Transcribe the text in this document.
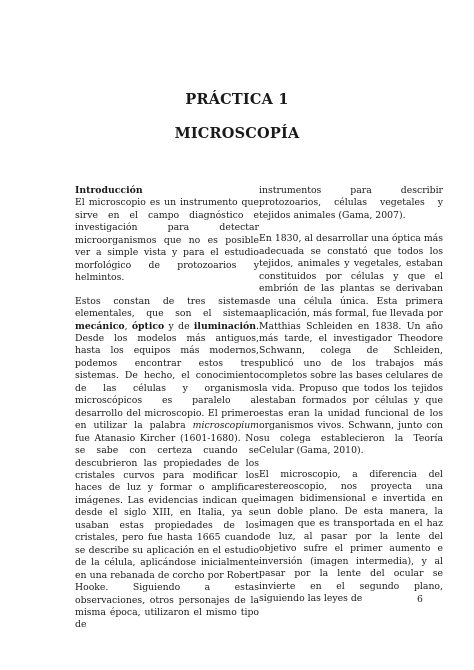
PRÁCTICA 1
MICROSCOPÍA

Introducción
El microscopio es un instrumento que sirve en el campo diagnóstico e investigación para detectar microorganismos que no es posible ver a simple vista y para el estudio morfológico de protozoarios y helmintos.

Estos constan de tres sistemas elementales, que son el sistema mecánico, óptico y de iluminación. Desde los modelos más antiguos, hasta los equipos más modernos, podemos encontrar estos tres sistemas. De hecho, el conocimiento de las células y organismos microscópicos es paralelo al desarrollo del microscopio. El primero en utilizar la palabra microscopium fue Atanasio Kircher (1601-1680). No se sabe con certeza cuando se descubrieron las propiedades de los cristales curvos para modificar los haces de luz y formar o amplificar imágenes. Las evidencias indican que desde el siglo XIII, en Italia, ya se usaban estas propiedades de los cristales, pero fue hasta 1665 cuando se describe su aplicación en el estudio de la célula, aplicándose inicialmente en una rebanada de corcho por Robert Hooke. Siguiendo a estas observaciones, otros personajes de la misma época, utilizaron el mismo tipo de

instrumentos para describir protozoarios, células vegetales y tejidos animales (Gama, 2007).

En 1830, al desarrollar una óptica más adecuada se constató que todos los tejidos, animales y vegetales, estaban constituidos por células y que el embrión de las plantas se derivaban de una célula única. Esta primera aplicación, más formal, fue llevada por Matthias Schleiden en 1838. Un año más tarde, el investigador Theodore Schwann, colega de Schleiden, publicó uno de los trabajos más completos sobre las bases celulares de la vida. Propuso que todos los tejidos estaban formados por células y que estas eran la unidad funcional de los organismos vivos. Schwann, junto con su colega establecieron la Teoría Celular (Gama, 2010).

El microscopio, a diferencia del estereoscopio, nos proyecta una imagen bidimensional e invertida en un doble plano. De esta manera, la imagen que es transportada en el haz de luz, al pasar por la lente del objetivo sufre el primer aumento e inversión (imagen intermedia), y al pasar por la lente del ocular se invierte en el segundo plano, siguiendo las leyes de	6
